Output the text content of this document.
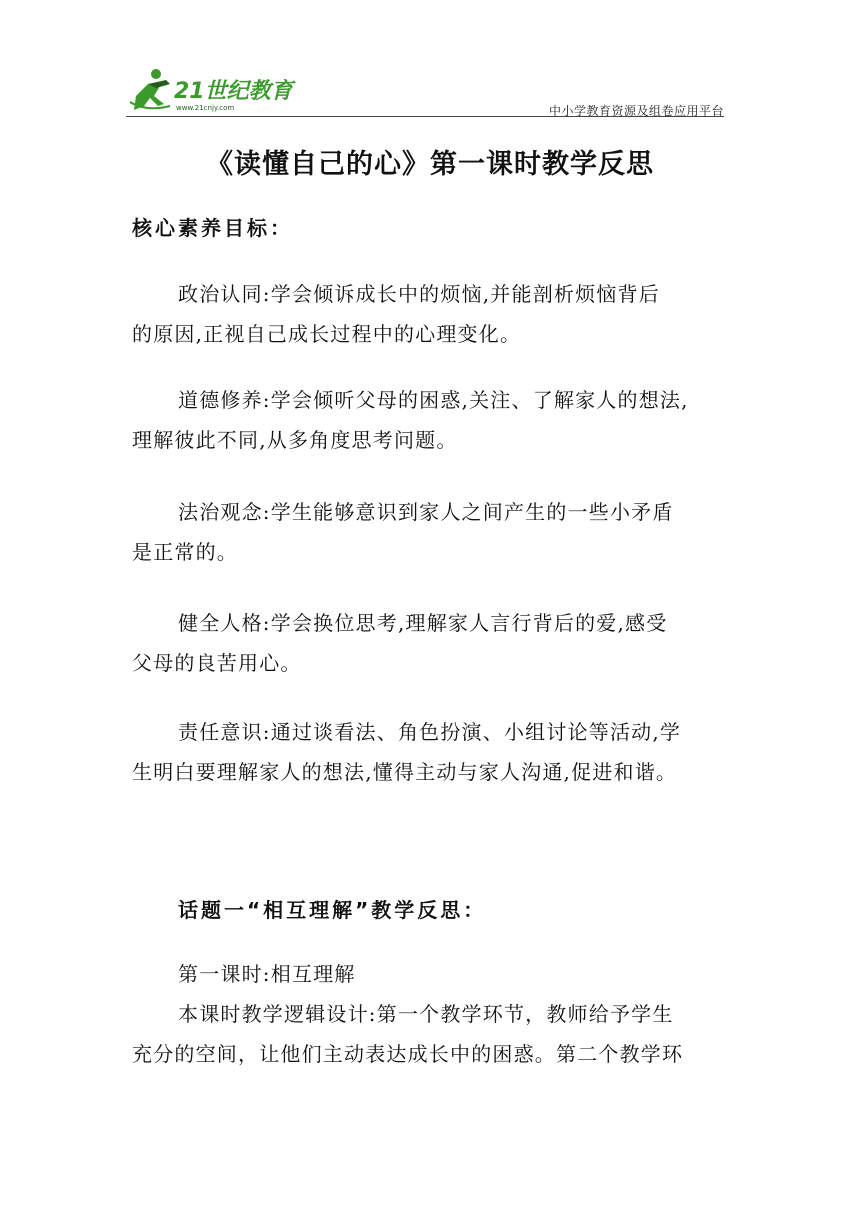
21世纪教育
www.21cnjy.com	中小学教育资源及组卷应用平台
《读懂自己的心》第一课时教学反思
核心素养目标：
政治认同:学会倾诉成长中的烦恼,并能剖析烦恼背后
的原因,正视自己成长过程中的心理变化。
道德修养:学会倾听父母的困惑,关注、了解家人的想法,
理解彼此不同,从多角度思考问题。
法治观念:学生能够意识到家人之间产生的一些小矛盾
是正常的。
健全人格:学会换位思考,理解家人言行背后的爱,感受
父母的良苦用心。
责任意识:通过谈看法、角色扮演、小组讨论等活动,学
生明白要理解家人的想法,懂得主动与家人沟通,促进和谐。
话题一“相互理解”教学反思：
第一课时:相互理解
本课时教学逻辑设计:第一个教学环节，教师给予学生
充分的空间，让他们主动表达成长中的困惑。第二个教学环
